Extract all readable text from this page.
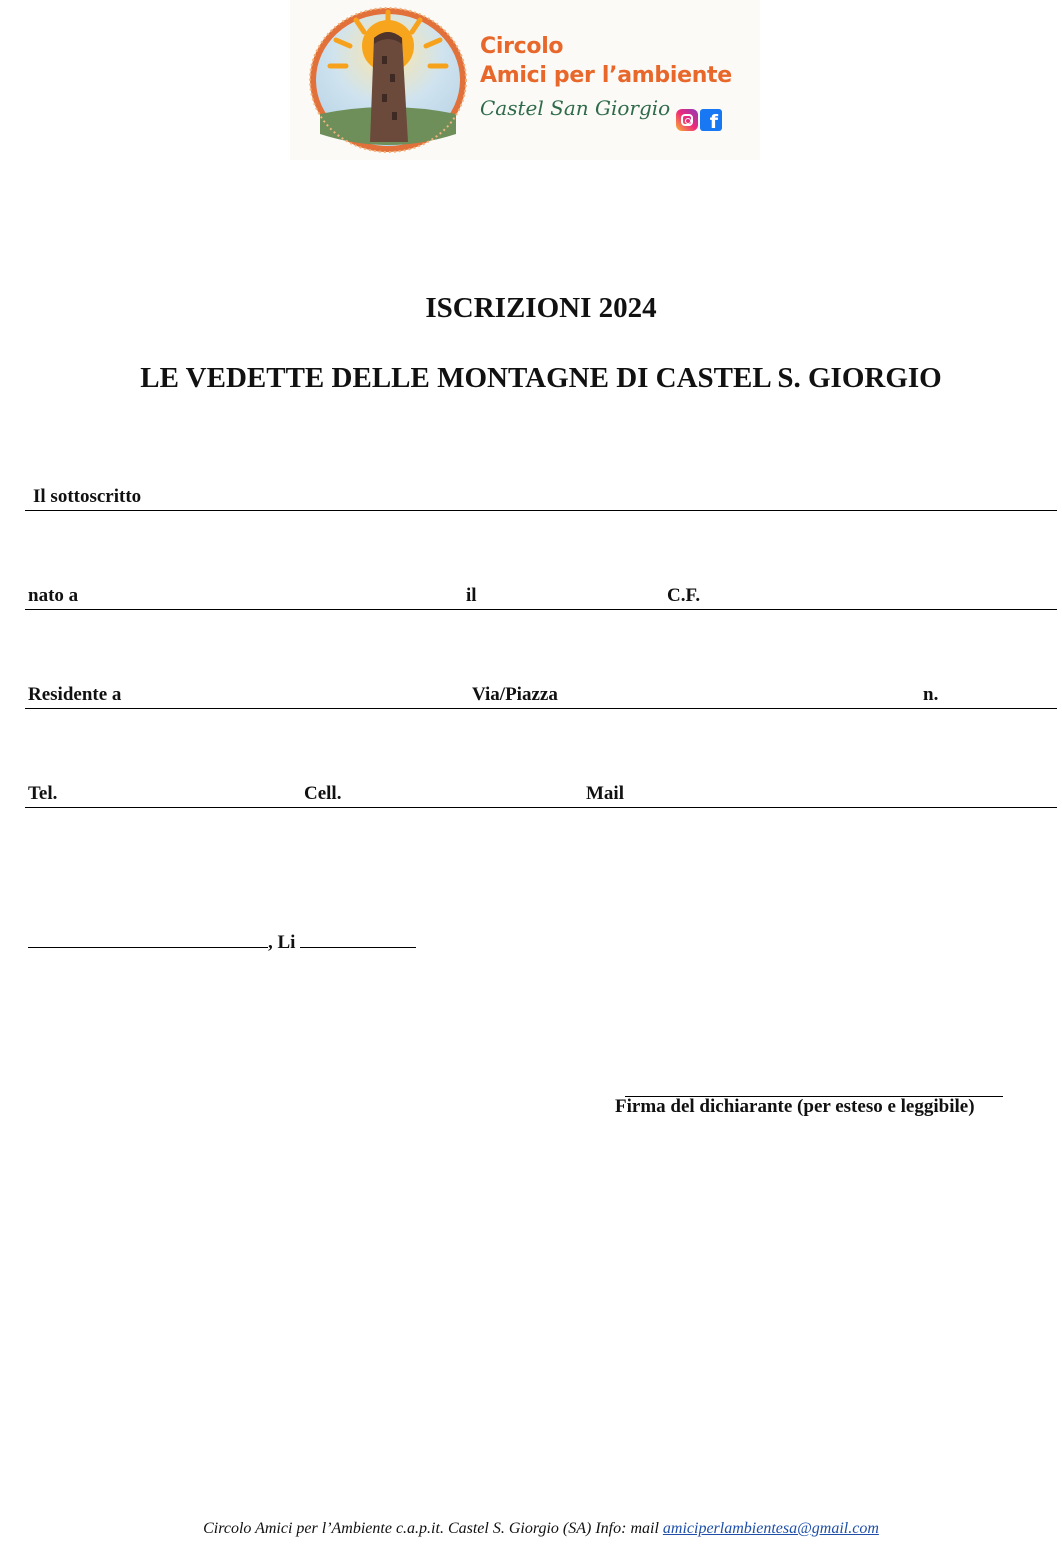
Circolo
Amici per l’ambiente
Castel San Giorgio
f
ISCRIZIONI 2024
LE VEDETTE DELLE MONTAGNE DI CASTEL S. GIORGIO
Il sottoscritto
nato a	il	C.F.
Residente a	Via/Piazza	n.
Tel.	Cell.	Mail
, Li
Firma del dichiarante (per esteso e leggibile)
Circolo Amici per l’Ambiente c.a.p.it. Castel S. Giorgio (SA) Info: mail amiciperlambientesa@gmail.com
